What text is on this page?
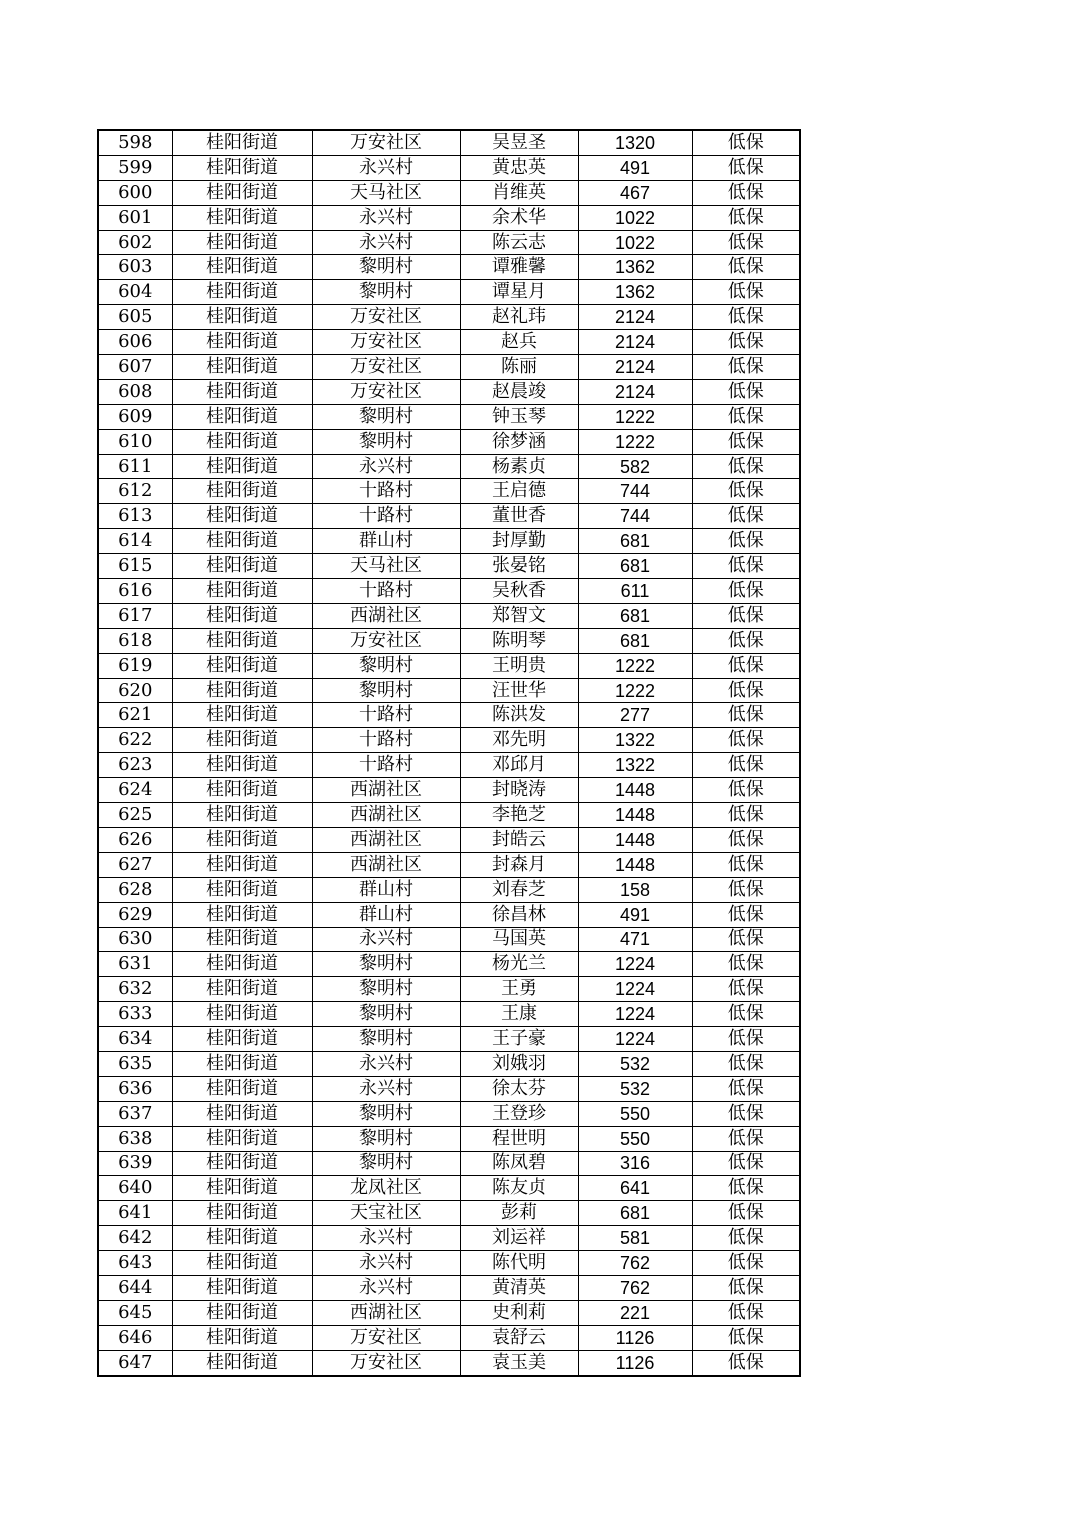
598	桂阳街道	万安社区	吴昱圣	1320	低保
599	桂阳街道	永兴村	黄忠英	491	低保
600	桂阳街道	天马社区	肖维英	467	低保
601	桂阳街道	永兴村	余术华	1022	低保
602	桂阳街道	永兴村	陈云志	1022	低保
603	桂阳街道	黎明村	谭雅馨	1362	低保
604	桂阳街道	黎明村	谭星月	1362	低保
605	桂阳街道	万安社区	赵礼玮	2124	低保
606	桂阳街道	万安社区	赵兵	2124	低保
607	桂阳街道	万安社区	陈丽	2124	低保
608	桂阳街道	万安社区	赵晨竣	2124	低保
609	桂阳街道	黎明村	钟玉琴	1222	低保
610	桂阳街道	黎明村	徐梦涵	1222	低保
611	桂阳街道	永兴村	杨素贞	582	低保
612	桂阳街道	十路村	王启德	744	低保
613	桂阳街道	十路村	董世香	744	低保
614	桂阳街道	群山村	封厚勤	681	低保
615	桂阳街道	天马社区	张晏铭	681	低保
616	桂阳街道	十路村	吴秋香	611	低保
617	桂阳街道	西湖社区	郑智文	681	低保
618	桂阳街道	万安社区	陈明琴	681	低保
619	桂阳街道	黎明村	王明贵	1222	低保
620	桂阳街道	黎明村	汪世华	1222	低保
621	桂阳街道	十路村	陈洪发	277	低保
622	桂阳街道	十路村	邓先明	1322	低保
623	桂阳街道	十路村	邓邱月	1322	低保
624	桂阳街道	西湖社区	封晓涛	1448	低保
625	桂阳街道	西湖社区	李艳芝	1448	低保
626	桂阳街道	西湖社区	封皓云	1448	低保
627	桂阳街道	西湖社区	封森月	1448	低保
628	桂阳街道	群山村	刘春芝	158	低保
629	桂阳街道	群山村	徐昌林	491	低保
630	桂阳街道	永兴村	马国英	471	低保
631	桂阳街道	黎明村	杨光兰	1224	低保
632	桂阳街道	黎明村	王勇	1224	低保
633	桂阳街道	黎明村	王康	1224	低保
634	桂阳街道	黎明村	王子豪	1224	低保
635	桂阳街道	永兴村	刘娥羽	532	低保
636	桂阳街道	永兴村	徐太芬	532	低保
637	桂阳街道	黎明村	王登珍	550	低保
638	桂阳街道	黎明村	程世明	550	低保
639	桂阳街道	黎明村	陈凤碧	316	低保
640	桂阳街道	龙凤社区	陈友贞	641	低保
641	桂阳街道	天宝社区	彭莉	681	低保
642	桂阳街道	永兴村	刘运祥	581	低保
643	桂阳街道	永兴村	陈代明	762	低保
644	桂阳街道	永兴村	黄清英	762	低保
645	桂阳街道	西湖社区	史利莉	221	低保
646	桂阳街道	万安社区	袁舒云	1126	低保
647	桂阳街道	万安社区	袁玉美	1126	低保
